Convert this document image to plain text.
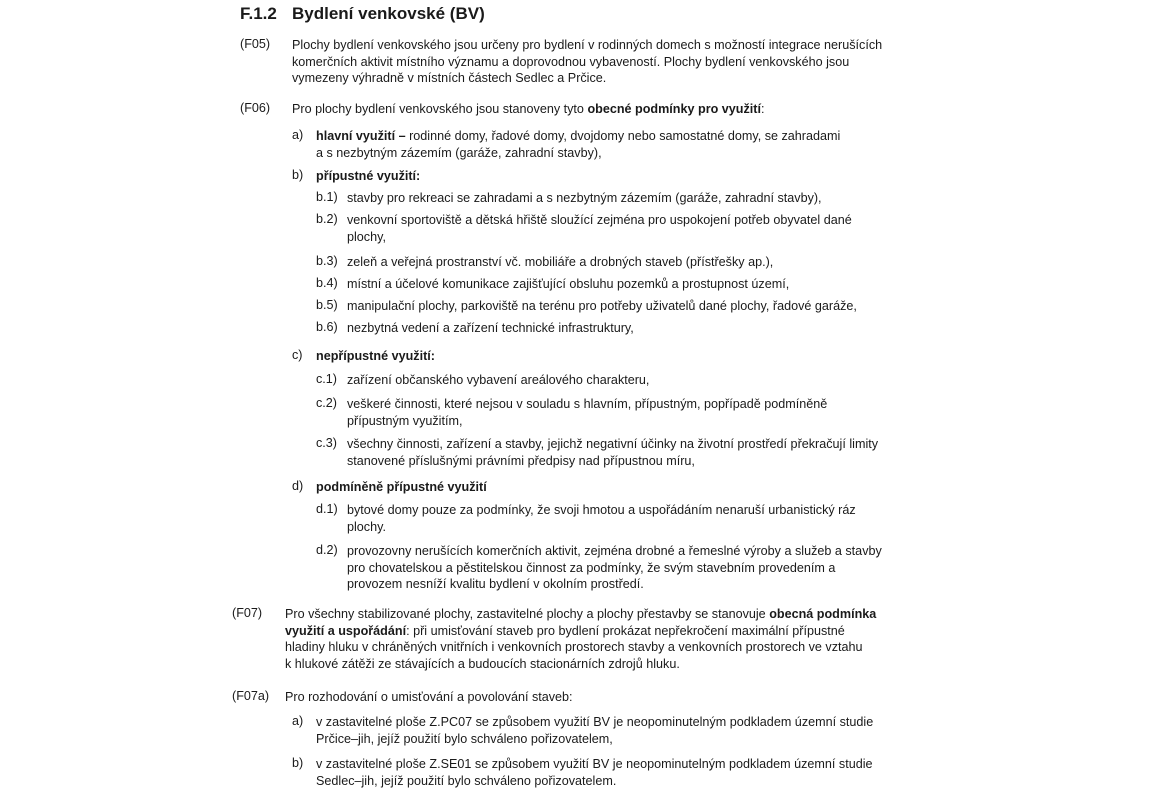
F.1.2 Bydlení venkovské (BV)
(F05) Plochy bydlení venkovského jsou určeny pro bydlení v rodinných domech s možností integrace nerušících
komerčních aktivit místního významu a doprovodnou vybaveností. Plochy bydlení venkovského jsou
vymezeny výhradně v místních částech Sedlec a Prčice.
(F06) Pro plochy bydlení venkovského jsou stanoveny tyto obecné podmínky pro využití:
a) hlavní využití – rodinné domy, řadové domy, dvojdomy nebo samostatné domy, se zahradami
a s nezbytným zázemím (garáže, zahradní stavby),
b) přípustné využití:
b.1) stavby pro rekreaci se zahradami a s nezbytným zázemím (garáže, zahradní stavby),
b.2) venkovní sportoviště a dětská hřiště sloužící zejména pro uspokojení potřeb obyvatel dané
plochy,
b.3) zeleň a veřejná prostranství vč. mobiliáře a drobných staveb (přístřešky ap.),
b.4) místní a účelové komunikace zajišťující obsluhu pozemků a prostupnost území,
b.5) manipulační plochy, parkoviště na terénu pro potřeby uživatelů dané plochy, řadové garáže,
b.6) nezbytná vedení a zařízení technické infrastruktury,
c) nepřípustné využití:
c.1) zařízení občanského vybavení areálového charakteru,
c.2) veškeré činnosti, které nejsou v souladu s hlavním, přípustným, popřípadě podmíněně
přípustným využitím,
c.3) všechny činnosti, zařízení a stavby, jejichž negativní účinky na životní prostředí překračují limity
stanovené příslušnými právními předpisy nad přípustnou míru,
d) podmíněně přípustné využití
d.1) bytové domy pouze za podmínky, že svoji hmotou a uspořádáním nenaruší urbanistický ráz
plochy.
d.2) provozovny nerušících komerčních aktivit, zejména drobné a řemeslné výroby a služeb a stavby
pro chovatelskou a pěstitelskou činnost za podmínky, že svým stavebním provedením a
provozem nesníží kvalitu bydlení v okolním prostředí.
(F07) Pro všechny stabilizované plochy, zastavitelné plochy a plochy přestavby se stanovuje obecná podmínka
využití a uspořádání: při umisťování staveb pro bydlení prokázat nepřekročení maximální přípustné
hladiny hluku v chráněných vnitřních i venkovních prostorech stavby a venkovních prostorech ve vztahu
k hlukové zátěži ze stávajících a budoucích stacionárních zdrojů hluku.
(F07a) Pro rozhodování o umisťování a povolování staveb:
a) v zastavitelné ploše Z.PC07 se způsobem využití BV je neopominutelným podkladem územní studie
Prčice–jih, jejíž použití bylo schváleno pořizovatelem,
b) v zastavitelné ploše Z.SE01 se způsobem využití BV je neopominutelným podkladem územní studie
Sedlec–jih, jejíž použití bylo schváleno pořizovatelem.
